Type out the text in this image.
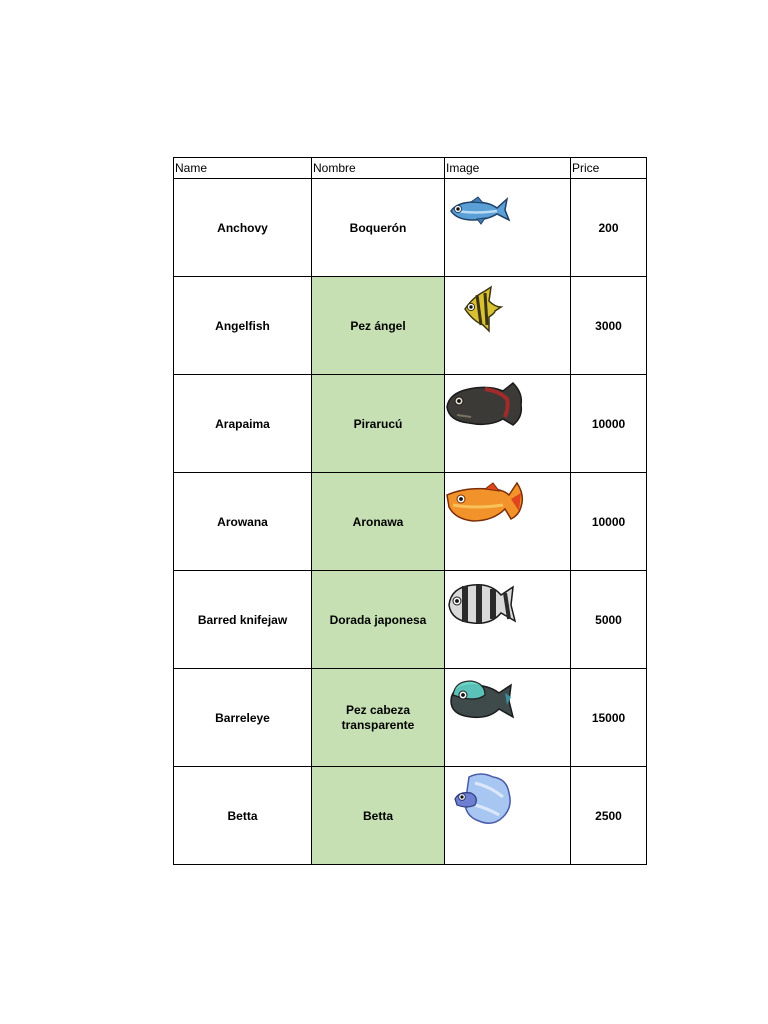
Name	Nombre	Image	Price
Anchovy	Boquerón		200
Angelfish	Pez ángel		3000
Arapaima	Pirarucú		10000
Arowana	Aronawa		10000
Barred knifejaw	Dorada japonesa		5000
Barreleye	Pez cabeza transparente		15000
Betta	Betta		2500
